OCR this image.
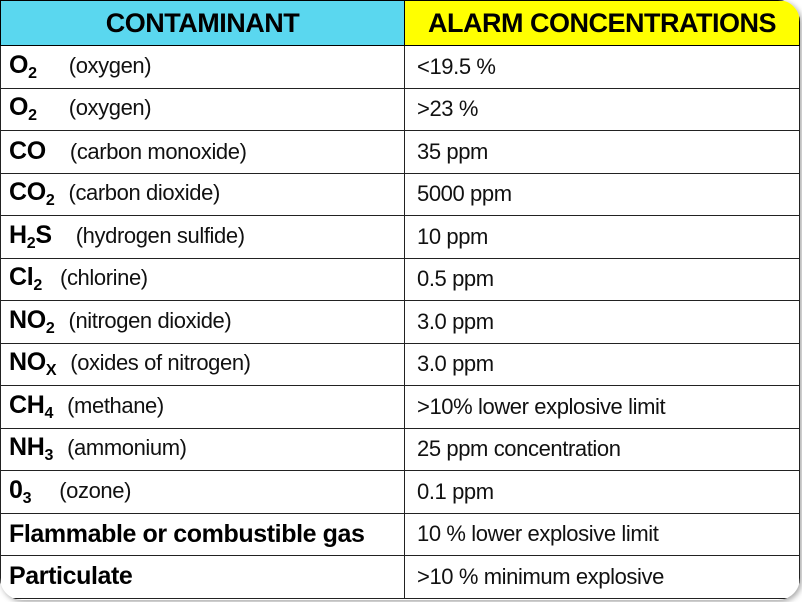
CONTAMINANT	ALARM CONCENTRATIONS
$O_2$ (oxygen)	<19.5 %
$O_2$ (oxygen)	>23 %
CO (carbon monoxide)	35 ppm
$CO_2$ (carbon dioxide)	5000 ppm
$H_2S$ (hydrogen sulfide)	10 ppm
$Cl_2$ (chlorine)	0.5 ppm
$NO_2$ (nitrogen dioxide)	3.0 ppm
$NO_X$ (oxides of nitrogen)	3.0 ppm
$CH_4$ (methane)	>10% lower explosive limit
$NH_3$ (ammonium)	25 ppm concentration
$0_3$ (ozone)	0.1 ppm
Flammable or combustible gas	10 % lower explosive limit
Particulate	>10 % minimum explosive
